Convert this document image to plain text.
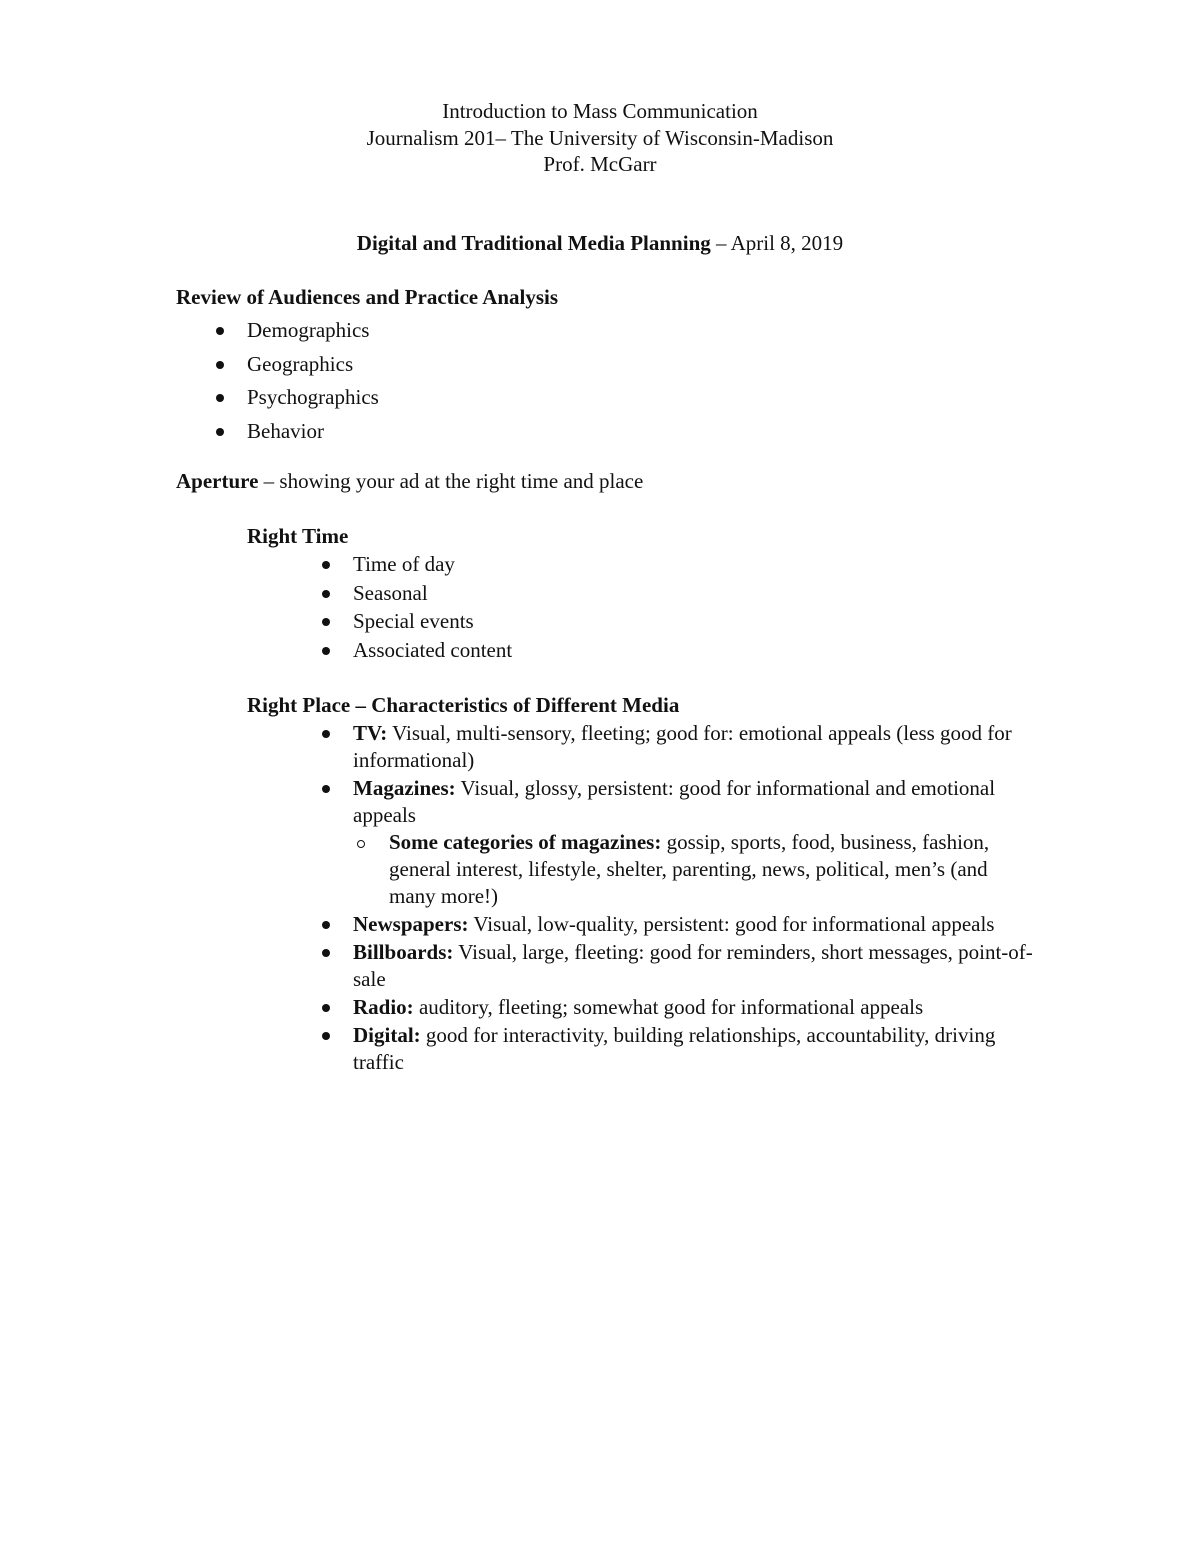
Introduction to Mass Communication
Journalism 201– The University of Wisconsin-Madison
Prof. McGarr
Digital and Traditional Media Planning – April 8, 2019
Review of Audiences and Practice Analysis
Demographics
Geographics
Psychographics
Behavior
Aperture – showing your ad at the right time and place
Right Time
Time of day
Seasonal
Special events
Associated content
Right Place – Characteristics of Different Media
TV: Visual, multi-sensory, fleeting; good for: emotional appeals (less good for informational)
Magazines: Visual, glossy, persistent: good for informational and emotional appeals
Some categories of magazines: gossip, sports, food, business, fashion, general interest, lifestyle, shelter, parenting, news, political, men’s (and many more!)
Newspapers: Visual, low-quality, persistent: good for informational appeals
Billboards: Visual, large, fleeting: good for reminders, short messages, point-of-sale
Radio: auditory, fleeting; somewhat good for informational appeals
Digital: good for interactivity, building relationships, accountability, driving traffic
